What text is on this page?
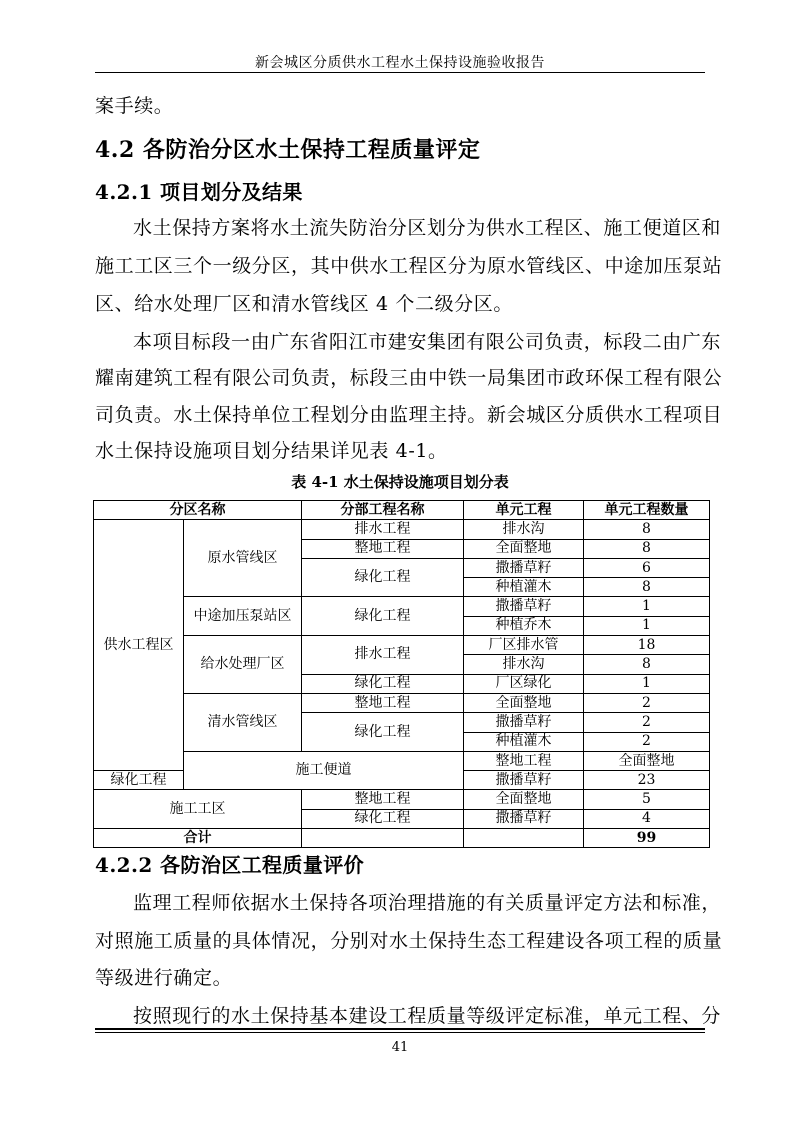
新会城区分质供水工程水土保持设施验收报告
案手续。
4.2 各防治分区水土保持工程质量评定
4.2.1 项目划分及结果
水土保持方案将水土流失防治分区划分为供水工程区、施工便道区和
施工工区三个一级分区，其中供水工程区分为原水管线区、中途加压泵站
区、给水处理厂区和清水管线区 4 个二级分区。
本项目标段一由广东省阳江市建安集团有限公司负责，标段二由广东
耀南建筑工程有限公司负责，标段三由中铁一局集团市政环保工程有限公
司负责。水土保持单位工程划分由监理主持。新会城区分质供水工程项目
水土保持设施项目划分结果详见表 4-1。
表 4-1 水土保持设施项目划分表
分区名称		分部工程名称	单元工程	单元工程数量	
供水工程区	原水管线区	排水工程	排水沟	8	
		整地工程	全面整地	8	
		绿化工程	撒播草籽	6	
			种植灌木	8	
	中途加压泵站区	绿化工程	撒播草籽	1	
			种植乔木	1	
	给水处理厂区	排水工程	厂区排水管	18	
			排水沟	8	
		绿化工程	厂区绿化	1	
	清水管线区	整地工程	全面整地	2	
		绿化工程	撒播草籽	2	
			种植灌木	2	
	施工便道		整地工程	全面整地	
绿化工程			撒播草籽	23	
施工工区		整地工程	全面整地	5	
		绿化工程	撒播草籽	4	
合计				99	
4.2.2 各防治区工程质量评价
监理工程师依据水土保持各项治理措施的有关质量评定方法和标准，
对照施工质量的具体情况，分别对水土保持生态工程建设各项工程的质量
等级进行确定。
按照现行的水土保持基本建设工程质量等级评定标准，单元工程、分
41
